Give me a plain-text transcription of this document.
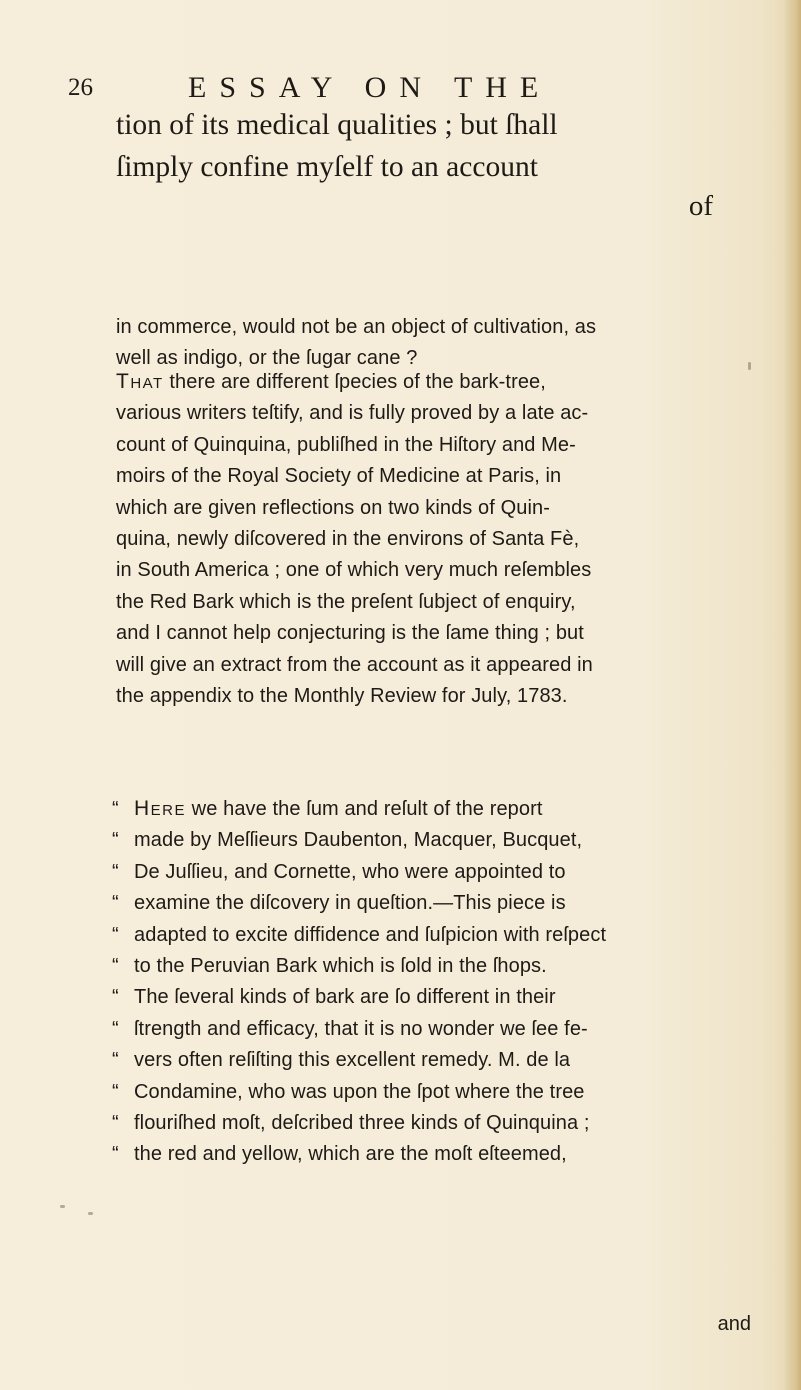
26	ESSAY ON THE
tion of its medical qualities ; but ſhall
ſimply confine myſelf to an account
of
in commerce, would not be an object of cultivation, as
well as indigo, or the ſugar cane ?
That there are different ſpecies of the bark-tree,
various writers teſtify, and is fully proved by a late ac-
count of Quinquina, publiſhed in the Hiſtory and Me-
moirs of the Royal Society of Medicine at Paris, in
which are given reflections on two kinds of Quin-
quina, newly diſcovered in the environs of Santa Fè,
in South America ; one of which very much reſembles
the Red Bark which is the preſent ſubject of enquiry,
and I cannot help conjecturing is the ſame thing ; but
will give an extract from the account as it appeared in
the appendix to the Monthly Review for July, 1783.
“ Here we have the ſum and reſult of the report
“ made by Meſſieurs Daubenton, Macquer, Bucquet,
“ De Juſſieu, and Cornette, who were appointed to
“ examine the diſcovery in queſtion.—This piece is
“ adapted to excite diffidence and ſuſpicion with reſpect
“ to the Peruvian Bark which is ſold in the ſhops.
“ The ſeveral kinds of bark are ſo different in their
“ ſtrength and efficacy, that it is no wonder we ſee fe-
“ vers often reſiſting this excellent remedy. M. de la
“ Condamine, who was upon the ſpot where the tree
“ flouriſhed moſt, deſcribed three kinds of Quinquina ;
“ the red and yellow, which are the moſt eſteemed,
and
